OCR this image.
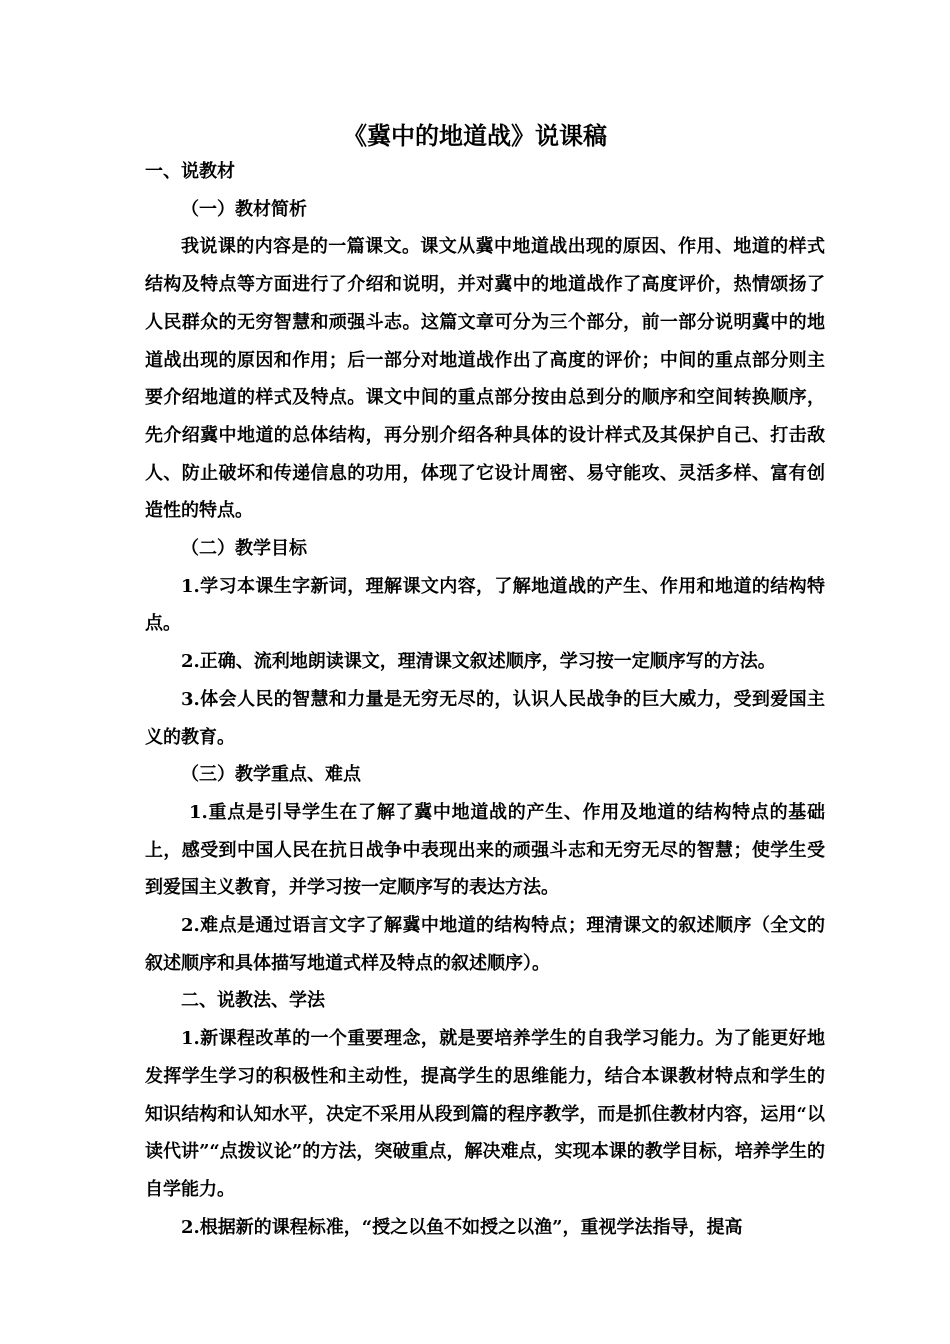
《冀中的地道战》说课稿

一、说教材

（一）教材简析

我说课的内容是的一篇课文。课文从冀中地道战出现的原因、作用、地道的样式结构及特点等方面进行了介绍和说明，并对冀中的地道战作了高度评价，热情颂扬了人民群众的无穷智慧和顽强斗志。这篇文章可分为三个部分，前一部分说明冀中的地道战出现的原因和作用；后一部分对地道战作出了高度的评价；中间的重点部分则主要介绍地道的样式及特点。课文中间的重点部分按由总到分的顺序和空间转换顺序，先介绍冀中地道的总体结构，再分别介绍各种具体的设计样式及其保护自己、打击敌人、防止破坏和传递信息的功用，体现了它设计周密、易守能攻、灵活多样、富有创造性的特点。

（二）教学目标

1.学习本课生字新词，理解课文内容，了解地道战的产生、作用和地道的结构特点。

2.正确、流利地朗读课文，理清课文叙述顺序，学习按一定顺序写的方法。

3.体会人民的智慧和力量是无穷无尽的，认识人民战争的巨大威力，受到爱国主义的教育。

（三）教学重点、难点

1.重点是引导学生在了解了冀中地道战的产生、作用及地道的结构特点的基础上，感受到中国人民在抗日战争中表现出来的顽强斗志和无穷无尽的智慧；使学生受到爱国主义教育，并学习按一定顺序写的表达方法。

2.难点是通过语言文字了解冀中地道的结构特点；理清课文的叙述顺序（全文的叙述顺序和具体描写地道式样及特点的叙述顺序）。

二、说教法、学法

1.新课程改革的一个重要理念，就是要培养学生的自我学习能力。为了能更好地发挥学生学习的积极性和主动性，提高学生的思维能力，结合本课教材特点和学生的知识结构和认知水平，决定不采用从段到篇的程序教学，而是抓住教材内容，运用“以读代讲”“点拨议论”的方法，突破重点，解决难点，实现本课的教学目标，培养学生的自学能力。

2.根据新的课程标准，“授之以鱼不如授之以渔”，重视学法指导，提高
